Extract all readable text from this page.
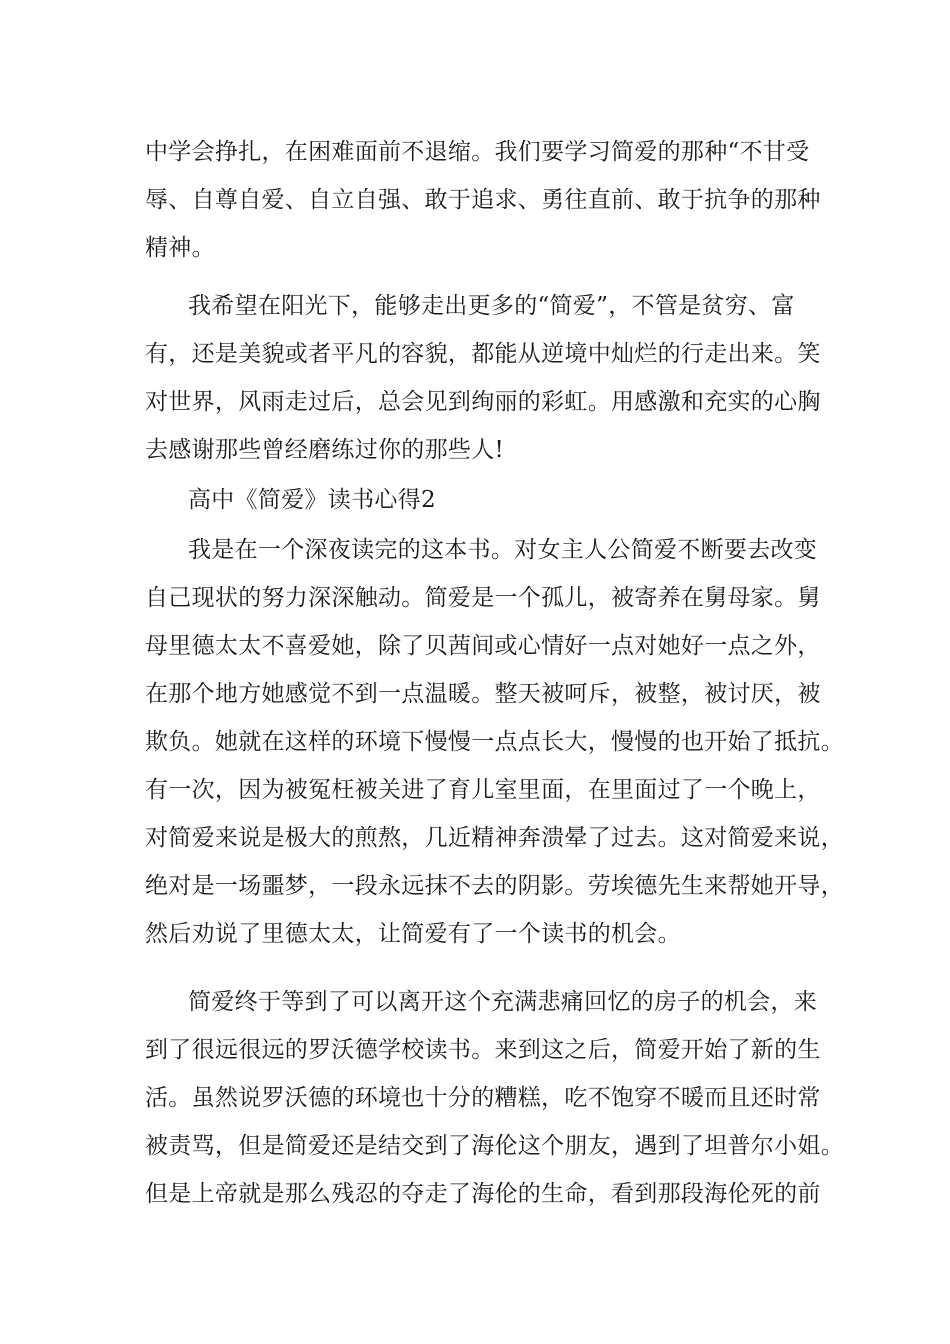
中学会挣扎，在困难面前不退缩。我们要学习简爱的那种“不甘受
辱、自尊自爱、自立自强、敢于追求、勇往直前、敢于抗争的那种
精神。
我希望在阳光下，能够走出更多的“简爱”，不管是贫穷、富
有，还是美貌或者平凡的容貌，都能从逆境中灿烂的行走出来。笑
对世界，风雨走过后，总会见到绚丽的彩虹。用感激和充实的心胸
去感谢那些曾经磨练过你的那些人!
高中《简爱》读书心得2
我是在一个深夜读完的这本书。对女主人公简爱不断要去改变
自己现状的努力深深触动。简爱是一个孤儿，被寄养在舅母家。舅
母里德太太不喜爱她，除了贝茜间或心情好一点对她好一点之外，
在那个地方她感觉不到一点温暖。整天被呵斥，被整，被讨厌，被
欺负。她就在这样的环境下慢慢一点点长大，慢慢的也开始了抵抗。
有一次，因为被冤枉被关进了育儿室里面，在里面过了一个晚上，
对简爱来说是极大的煎熬，几近精神奔溃晕了过去。这对简爱来说，
绝对是一场噩梦，一段永远抹不去的阴影。劳埃德先生来帮她开导，
然后劝说了里德太太，让简爱有了一个读书的机会。
简爱终于等到了可以离开这个充满悲痛回忆的房子的机会，来
到了很远很远的罗沃德学校读书。来到这之后，简爱开始了新的生
活。虽然说罗沃德的环境也十分的糟糕，吃不饱穿不暖而且还时常
被责骂，但是简爱还是结交到了海伦这个朋友，遇到了坦普尔小姐。
但是上帝就是那么残忍的夺走了海伦的生命，看到那段海伦死的前
